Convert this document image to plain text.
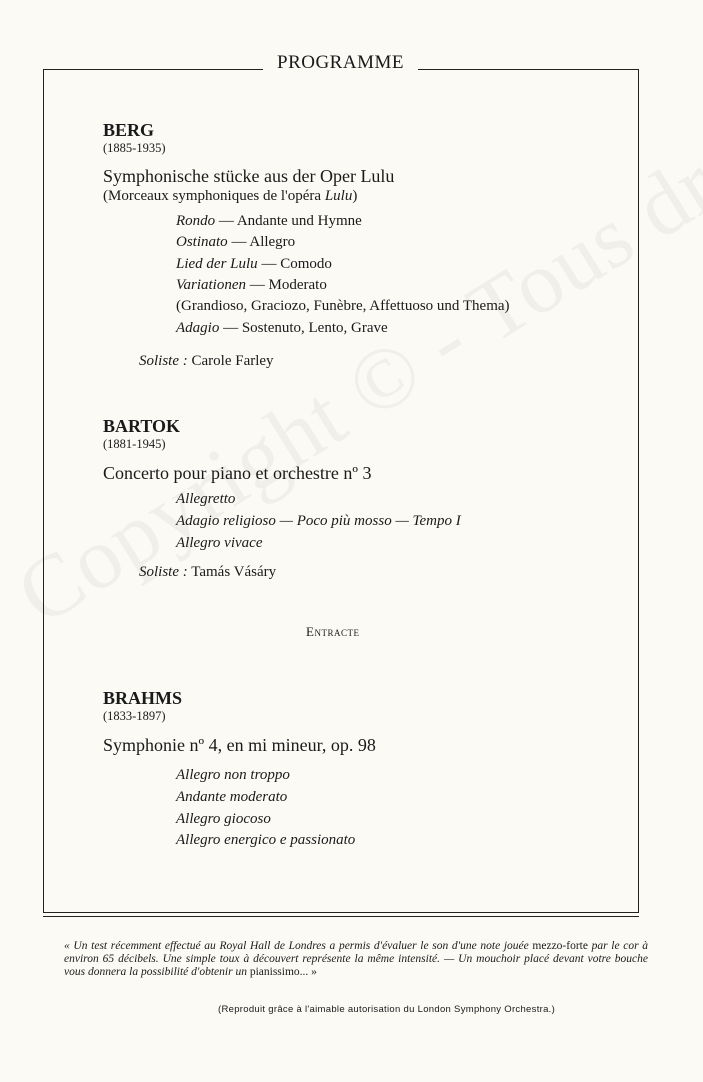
PROGRAMME
BERG
(1885-1935)
Symphonische stücke aus der Oper Lulu
(Morceaux symphoniques de l'opéra Lulu)
Rondo — Andante und Hymne
Ostinato — Allegro
Lied der Lulu — Comodo
Variationen — Moderato
(Grandioso, Graciozo, Funèbre, Affettuoso und Thema)
Adagio — Sostenuto, Lento, Grave
Soliste : Carole Farley
BARTOK
(1881-1945)
Concerto pour piano et orchestre nº 3
Allegretto
Adagio religioso — Poco più mosso — Tempo I
Allegro vivace
Soliste : Tamás Vásáry
Entracte
BRAHMS
(1833-1897)
Symphonie nº 4, en mi mineur, op. 98
Allegro non troppo
Andante moderato
Allegro giocoso
Allegro energico e passionato
« Un test récemment effectué au Royal Hall de Londres a permis d'évaluer le son d'une note jouée mezzo-forte par le cor à environ 65 décibels. Une simple toux à découvert représente la même intensité. — Un mouchoir placé devant votre bouche vous donnera la possibilité d'obtenir un pianissimo... »
(Reproduit grâce à l'aimable autorisation du London Symphony Orchestra.)
